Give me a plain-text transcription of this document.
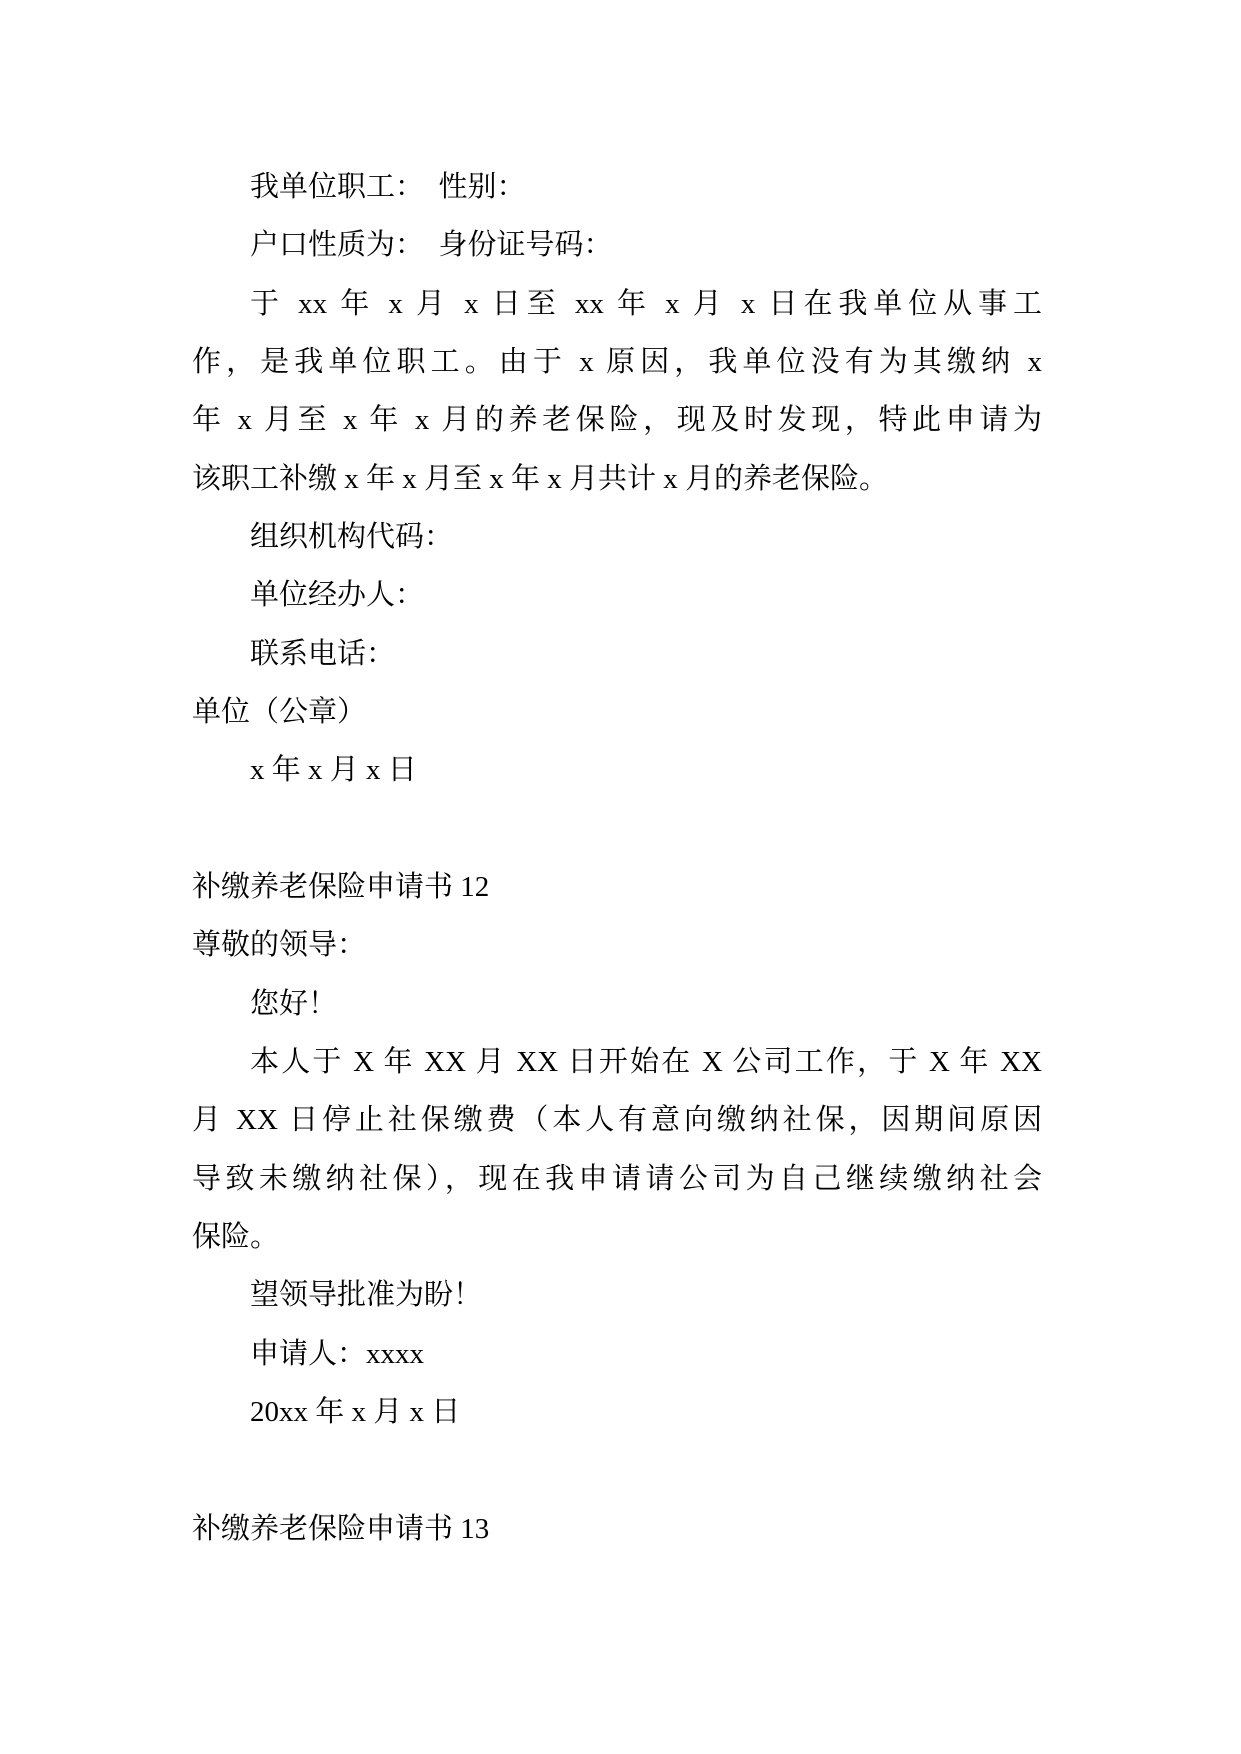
我单位职工：　性别：
户口性质为：　身份证号码：
于 xx 年 x 月 x 日至 xx 年 x 月 x 日在我单位从事工
作，是我单位职工。由于 x 原因，我单位没有为其缴纳 x
年 x 月至 x 年 x 月的养老保险，现及时发现，特此申请为
该职工补缴 x 年 x 月至 x 年 x 月共计 x 月的养老保险。
组织机构代码：
单位经办人：
联系电话：
单位（公章）
x 年 x 月 x 日
补缴养老保险申请书 12
尊敬的领导：
您好！
本人于 X 年 XX 月 XX 日开始在 X 公司工作，于 X 年 XX
月 XX 日停止社保缴费（本人有意向缴纳社保，因期间原因
导致未缴纳社保），现在我申请请公司为自己继续缴纳社会
保险。
望领导批准为盼！
申请人：xxxx
20xx 年 x 月 x 日
补缴养老保险申请书 13
